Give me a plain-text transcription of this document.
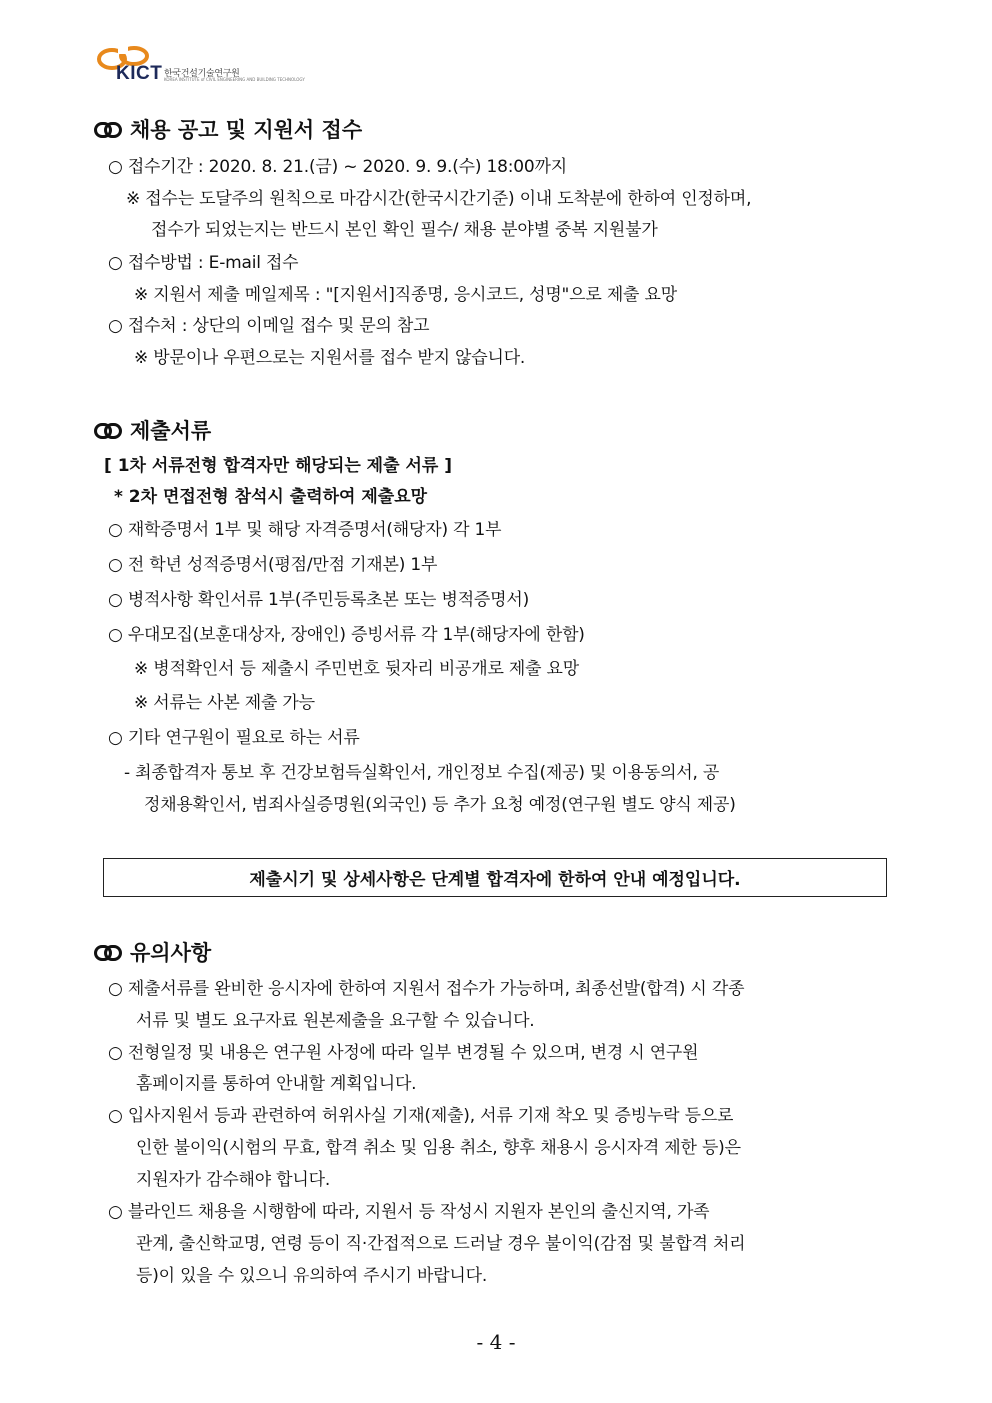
KICT 한국건설기술연구원
KOREA INSTITUTE of CIVIL ENGINEERING AND BUILDING TECHNOLOGY
채용 공고 및 지원서 접수
○ 접수기간 : 2020. 8. 21.(금) ~ 2020. 9. 9.(수) 18:00까지
※ 접수는 도달주의 원칙으로 마감시간(한국시간기준) 이내 도착분에 한하여 인정하며,
접수가 되었는지는 반드시 본인 확인 필수/ 채용 분야별 중복 지원불가
○ 접수방법 : E-mail 접수
※ 지원서 제출 메일제목 : "[지원서]직종명, 응시코드, 성명"으로 제출 요망
○ 접수처 : 상단의 이메일 접수 및 문의 참고
※ 방문이나 우편으로는 지원서를 접수 받지 않습니다.
제출서류
[ 1차 서류전형 합격자만 해당되는 제출 서류 ]
* 2차 면접전형 참석시 출력하여 제출요망
○ 재학증명서 1부 및 해당 자격증명서(해당자) 각 1부
○ 전 학년 성적증명서(평점/만점 기재본) 1부
○ 병적사항 확인서류 1부(주민등록초본 또는 병적증명서)
○ 우대모집(보훈대상자, 장애인) 증빙서류 각 1부(해당자에 한함)
※ 병적확인서 등 제출시 주민번호 뒷자리 비공개로 제출 요망
※ 서류는 사본 제출 가능
○ 기타 연구원이 필요로 하는 서류
- 최종합격자 통보 후 건강보험득실확인서, 개인정보 수집(제공) 및 이용동의서, 공
정채용확인서, 범죄사실증명원(외국인) 등 추가 요청 예정(연구원 별도 양식 제공)
제출시기 및 상세사항은 단계별 합격자에 한하여 안내 예정입니다.
유의사항
○ 제출서류를 완비한 응시자에 한하여 지원서 접수가 가능하며, 최종선발(합격) 시 각종
서류 및 별도 요구자료 원본제출을 요구할 수 있습니다.
○ 전형일정 및 내용은 연구원 사정에 따라 일부 변경될 수 있으며, 변경 시 연구원
홈페이지를 통하여 안내할 계획입니다.
○ 입사지원서 등과 관련하여 허위사실 기재(제출), 서류 기재 착오 및 증빙누락 등으로
인한 불이익(시험의 무효, 합격 취소 및 임용 취소, 향후 채용시 응시자격 제한 등)은
지원자가 감수해야 합니다.
○ 블라인드 채용을 시행함에 따라, 지원서 등 작성시 지원자 본인의 출신지역, 가족
관계, 출신학교명, 연령 등이 직·간접적으로 드러날 경우 불이익(감점 및 불합격 처리
등)이 있을 수 있으니 유의하여 주시기 바랍니다.
- 4 -
